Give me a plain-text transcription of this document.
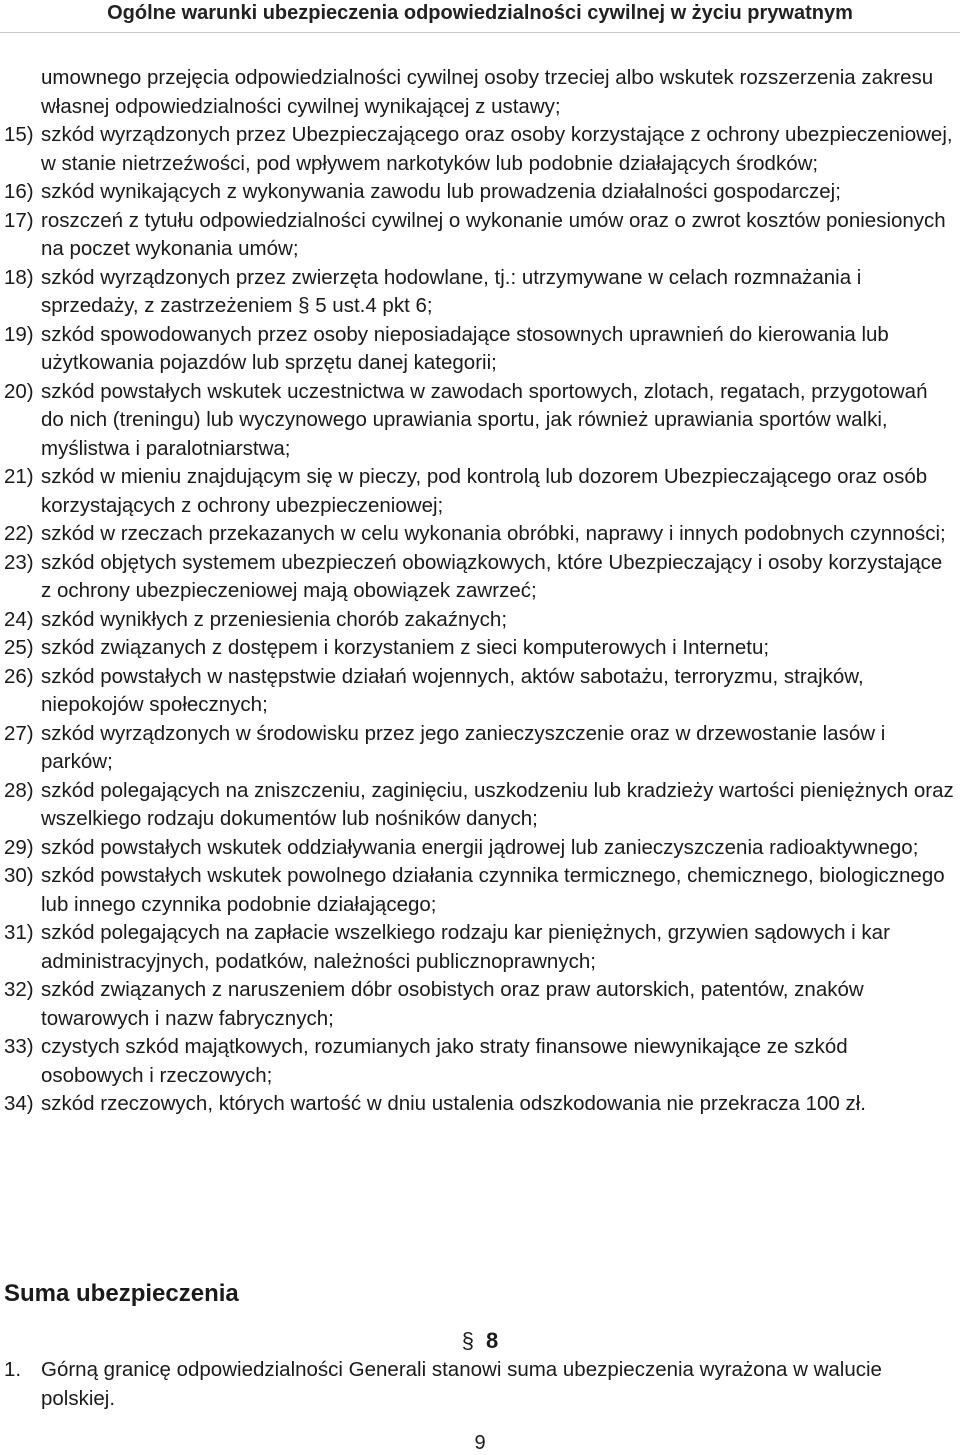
Ogólne warunki ubezpieczenia odpowiedzialności cywilnej w życiu prywatnym
umownego przejęcia odpowiedzialności cywilnej osoby trzeciej albo wskutek rozszerzenia zakresu własnej odpowiedzialności cywilnej wynikającej z ustawy;
15) szkód wyrządzonych przez Ubezpieczającego oraz osoby korzystające z ochrony ubezpieczeniowej, w stanie nietrzeźwości, pod wpływem narkotyków lub podobnie działających środków;
16) szkód wynikających z wykonywania zawodu lub prowadzenia działalności gospodarczej;
17) roszczeń z tytułu odpowiedzialności cywilnej o wykonanie umów oraz o zwrot kosztów poniesionych na poczet wykonania umów;
18) szkód wyrządzonych przez zwierzęta hodowlane, tj.: utrzymywane w celach rozmnażania i sprzedaży, z zastrzeżeniem § 5 ust.4 pkt 6;
19) szkód spowodowanych przez osoby nieposiadające stosownych uprawnień do kierowania lub użytkowania pojazdów lub sprzętu danej kategorii;
20) szkód powstałych wskutek uczestnictwa w zawodach sportowych, zlotach, regatach, przygotowań do nich (treningu) lub wyczynowego uprawiania sportu, jak również uprawiania sportów walki, myślistwa i paralotniarstwa;
21) szkód w mieniu znajdującym się w pieczy, pod kontrolą lub dozorem Ubezpieczającego oraz osób korzystających z ochrony ubezpieczeniowej;
22) szkód w rzeczach przekazanych w celu wykonania obróbki, naprawy i innych podobnych czynności;
23) szkód objętych systemem ubezpieczeń obowiązkowych, które Ubezpieczający i osoby korzystające z ochrony ubezpieczeniowej mają obowiązek zawrzeć;
24) szkód wynikłych z przeniesienia chorób zakaźnych;
25) szkód związanych z dostępem i korzystaniem z sieci komputerowych i Internetu;
26) szkód powstałych w następstwie działań wojennych, aktów sabotażu, terroryzmu, strajków, niepokojów społecznych;
27) szkód wyrządzonych w środowisku przez jego zanieczyszczenie oraz w drzewostanie lasów i parków;
28) szkód polegających na zniszczeniu, zaginięciu, uszkodzeniu lub kradzieży wartości pieniężnych oraz wszelkiego rodzaju dokumentów lub nośników danych;
29) szkód powstałych wskutek oddziaływania energii jądrowej lub zanieczyszczenia radioaktywnego;
30) szkód powstałych wskutek powolnego działania czynnika termicznego, chemicznego, biologicznego lub innego czynnika podobnie działającego;
31) szkód polegających na zapłacie wszelkiego rodzaju kar pieniężnych, grzywien sądowych i kar administracyjnych, podatków, należności publicznoprawnych;
32) szkód związanych z naruszeniem dóbr osobistych oraz praw autorskich, patentów, znaków towarowych i nazw fabrycznych;
33) czystych szkód majątkowych, rozumianych jako straty finansowe niewynikające ze szkód osobowych i rzeczowych;
34) szkód rzeczowych, których wartość w dniu ustalenia odszkodowania nie przekracza 100 zł.
Suma ubezpieczenia
§ 8
1. Górną granicę odpowiedzialności Generali stanowi suma ubezpieczenia wyrażona w walucie polskiej.
9
